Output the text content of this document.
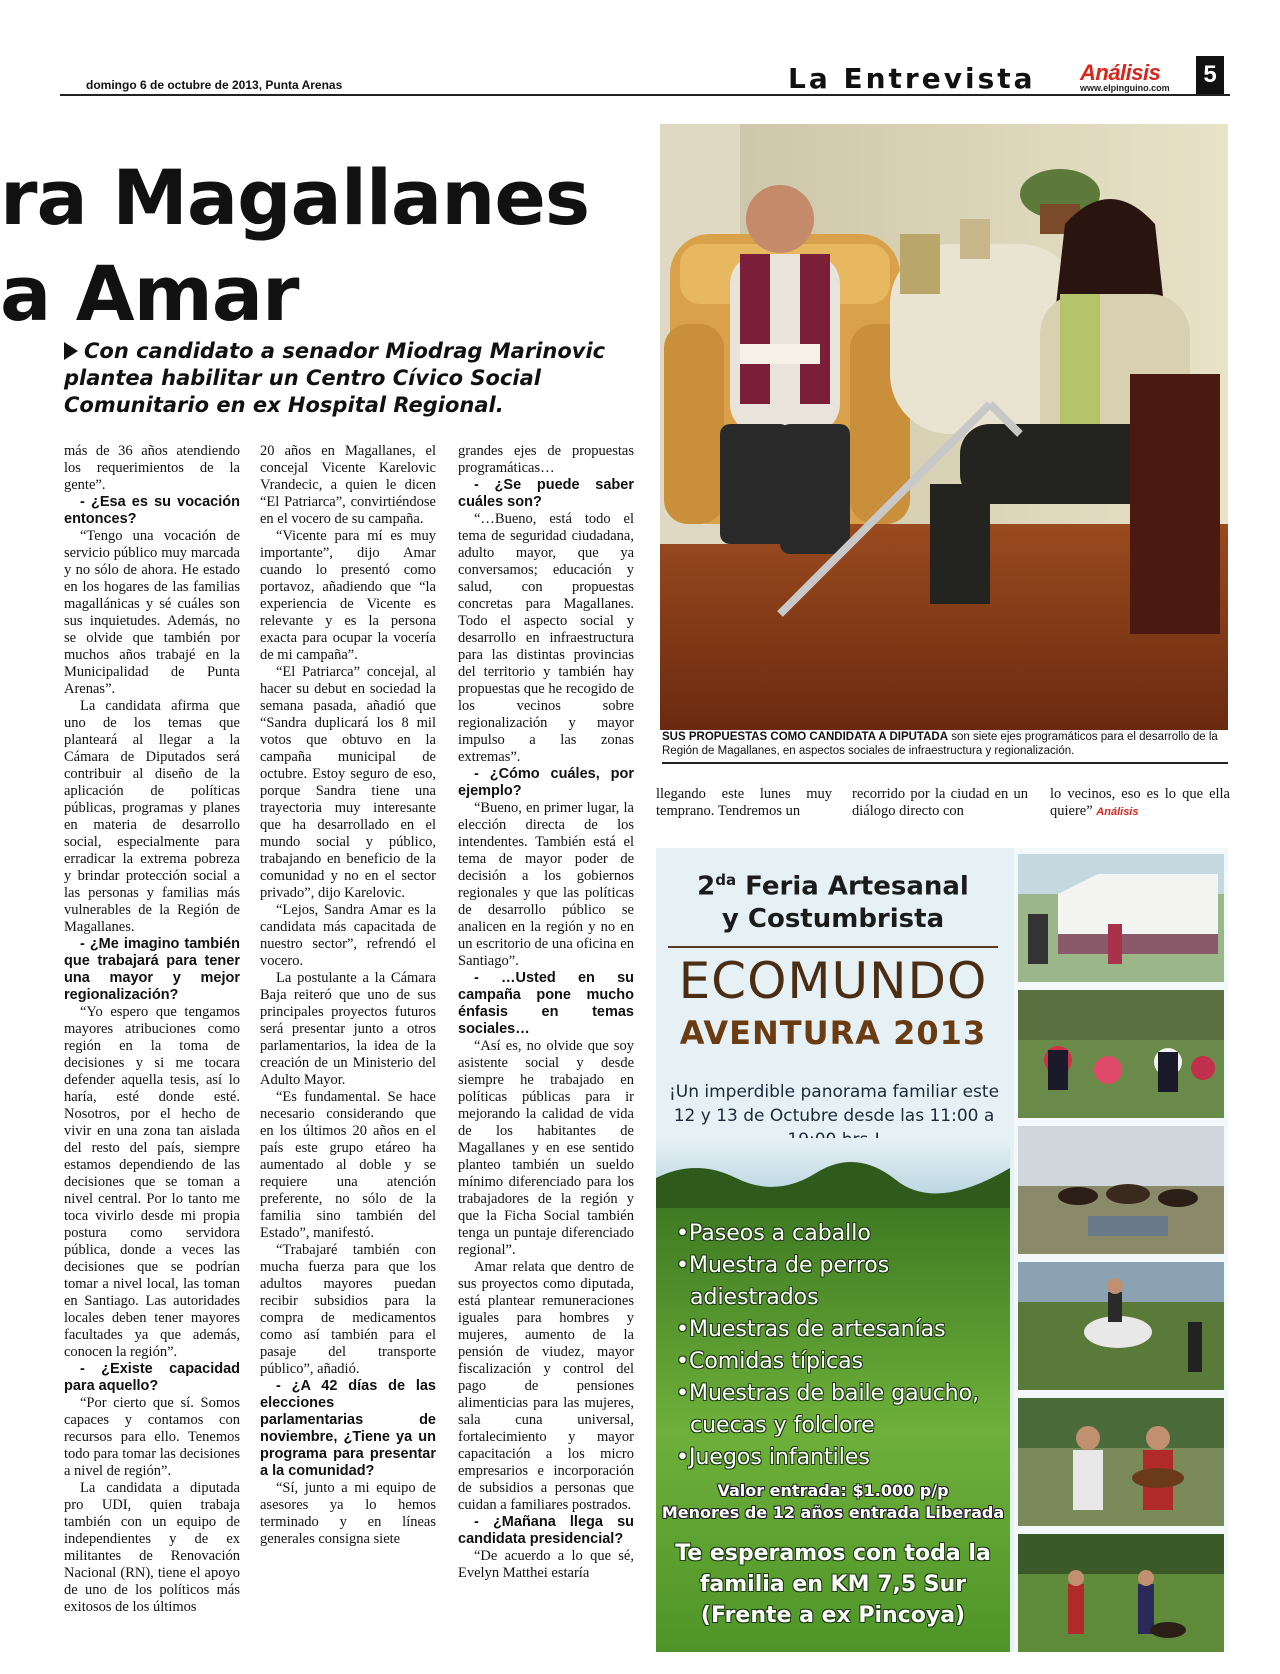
domingo 6 de octubre de 2013, Punta Arenas	La Entrevista Análisis
www.elpinguino.com	5
ra Magallanes
a Amar
Con candidato a senador Miodrag Marinovic plantea habilitar un Centro Cívico Social Comunitario en ex Hospital Regional.

más de 36 años atendiendo los requerimientos de la gente”.

- ¿Esa es su vocación entonces?

“Tengo una vocación de servicio público muy marcada y no sólo de ahora. He estado en los hogares de las familias magallánicas y sé cuáles son sus inquietudes. Además, no se olvide que también por muchos años trabajé en la Municipalidad de Punta Arenas”.

La candidata afirma que uno de los temas que planteará al llegar a la Cámara de Diputados será contribuir al diseño de la aplicación de políticas públicas, programas y planes en materia de desarrollo social, especialmente para erradicar la extrema pobreza y brindar protección social a las personas y familias más vulnerables de la Región de Magallanes.

- ¿Me imagino también que trabajará para tener una mayor y mejor regionalización?

“Yo espero que tengamos mayores atribuciones como región en la toma de decisiones y si me tocara defender aquella tesis, así lo haría, esté donde esté. Nosotros, por el hecho de vivir en una zona tan aislada del resto del país, siempre estamos dependiendo de las decisiones que se toman a nivel central. Por lo tanto me toca vivirlo desde mi propia postura como servidora pública, donde a veces las decisiones que se podrían tomar a nivel local, las toman en Santiago. Las autoridades locales deben tener mayores facultades ya que además, conocen la región”.

- ¿Existe capacidad para aquello?

“Por cierto que sí. Somos capaces y contamos con recursos para ello. Tenemos todo para tomar las decisiones a nivel de región”.

La candidata a diputada pro UDI, quien trabaja también con un equipo de independientes y de ex militantes de Renovación Nacional (RN), tiene el apoyo de uno de los políticos más exitosos de los últimos

20 años en Magallanes, el concejal Vicente Karelovic Vrandecic, a quien le dicen “El Patriarca”, convirtiéndose en el vocero de su campaña.

“Vicente para mí es muy importante”, dijo Amar cuando lo presentó como portavoz, añadiendo que “la experiencia de Vicente es relevante y es la persona exacta para ocupar la vocería de mi campaña”.

“El Patriarca” concejal, al hacer su debut en sociedad la semana pasada, añadió que “Sandra duplicará los 8 mil votos que obtuvo en la campaña municipal de octubre. Estoy seguro de eso, porque Sandra tiene una trayectoria muy interesante que ha desarrollado en el mundo social y público, trabajando en beneficio de la comunidad y no en el sector privado”, dijo Karelovic.

“Lejos, Sandra Amar es la candidata más capacitada de nuestro sector”, refrendó el vocero.

La postulante a la Cámara Baja reiteró que uno de sus principales proyectos futuros será presentar junto a otros parlamentarios, la idea de la creación de un Ministerio del Adulto Mayor.

“Es fundamental. Se hace necesario considerando que en los últimos 20 años en el país este grupo etáreo ha aumentado al doble y se requiere una atención preferente, no sólo de la familia sino también del Estado”, manifestó.

“Trabajaré también con mucha fuerza para que los adultos mayores puedan recibir subsidios para la compra de medicamentos como así también para el pasaje del transporte público”, añadió.

- ¿A 42 días de las elecciones parlamentarias de noviembre, ¿Tiene ya un programa para presentar a la comunidad?

“Sí, junto a mi equipo de asesores ya lo hemos terminado y en líneas generales consigna siete

grandes ejes de propuestas programáticas…

- ¿Se puede saber cuáles son?

“…Bueno, está todo el tema de seguridad ciudadana, adulto mayor, que ya conversamos; educación y salud, con propuestas concretas para Magallanes. Todo el aspecto social y desarrollo en infraestructura para las distintas provincias del territorio y también hay propuestas que he recogido de los vecinos sobre regionalización y mayor impulso a las zonas extremas”.

- ¿Cómo cuáles, por ejemplo?

“Bueno, en primer lugar, la elección directa de los intendentes. También está el tema de mayor poder de decisión a los gobiernos regionales y que las políticas de desarrollo público se analicen en la región y no en un escritorio de una oficina en Santiago”.

- …Usted en su campaña pone mucho énfasis en temas sociales…

“Así es, no olvide que soy asistente social y desde siempre he trabajado en políticas públicas para ir mejorando la calidad de vida de los habitantes de Magallanes y en ese sentido planteo también un sueldo mínimo diferenciado para los trabajadores de la región y que la Ficha Social también tenga un puntaje diferenciado regional”.

Amar relata que dentro de sus proyectos como diputada, está plantear remuneraciones iguales para hombres y mujeres, aumento de la pensión de viudez, mayor fiscalización y control del pago de pensiones alimenticias para las mujeres, sala cuna universal, fortalecimiento y mayor capacitación a los micro empresarios e incorporación de subsidios a personas que cuidan a familiares postrados.

- ¿Mañana llega su candidata presidencial?

“De acuerdo a lo que sé, Evelyn Matthei estaría

SUS PROPUESTAS COMO CANDIDATA A DIPUTADA son siete ejes programáticos para el desarrollo de la Región de Magallanes, en aspectos sociales de infraestructura y regionalización.
llegando este lunes muy temprano. Tendremos un
recorrido por la ciudad en un diálogo directo con
lo vecinos, eso es lo que ella quiere” Análisis
$2^{da}$ Feria Artesanal
y Costumbrista
ECOMUNDO
AVENTURA 2013
¡Un imperdible panorama familiar este 12 y 13 de Octubre desde las 11:00 a
•Paseos a caballo
•Muestra de perros adiestrados
•Muestras de artesanías
•Comidas típicas
•Muestras de baile gaucho, cuecas y folclore
•Juegos infantiles
Valor entrada: $1.000 p/p
Menores de 12 años entrada Liberada
Te esperamos con toda la
familia en KM 7,5 Sur
(Frente a ex Pincoya)
